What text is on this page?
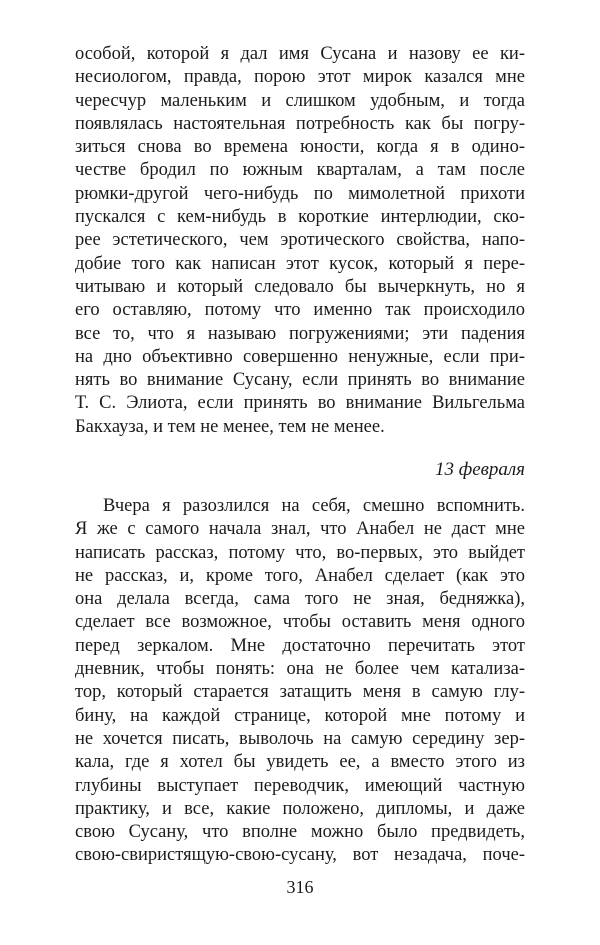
особой, которой я дал имя Сусана и назову ее ки-
несиологом, правда, порою этот мирок казался мне
чересчур маленьким и слишком удобным, и тогда
появлялась настоятельная потребность как бы погру-
зиться снова во времена юности, когда я в одино-
честве бродил по южным кварталам, а там после
рюмки-другой чего-нибудь по мимолетной прихоти
пускался с кем-нибудь в короткие интерлюдии, ско-
рее эстетического, чем эротического свойства, напо-
добие того как написан этот кусок, который я пере-
читываю и который следовало бы вычеркнуть, но я
его оставляю, потому что именно так происходило
все то, что я называю погружениями; эти падения
на дно объективно совершенно ненужные, если при-
нять во внимание Сусану, если принять во внимание
Т. С. Элиота, если принять во внимание Вильгельма
Бакхауза, и тем не менее, тем не менее.
13 февраля
Вчера я разозлился на себя, смешно вспомнить.
Я же с самого начала знал, что Анабел не даст мне
написать рассказ, потому что, во-первых, это выйдет
не рассказ, и, кроме того, Анабел сделает (как это
она делала всегда, сама того не зная, бедняжка),
сделает все возможное, чтобы оставить меня одного
перед зеркалом. Мне достаточно перечитать этот
дневник, чтобы понять: она не более чем катализа-
тор, который старается затащить меня в самую глу-
бину, на каждой странице, которой мне потому и
не хочется писать, выволочь на самую середину зер-
кала, где я хотел бы увидеть ее, а вместо этого из
глубины выступает переводчик, имеющий частную
практику, и все, какие положено, дипломы, и даже
свою Сусану, что вполне можно было предвидеть,
свою-свиристящую-свою-сусану, вот незадача, поче-
316
